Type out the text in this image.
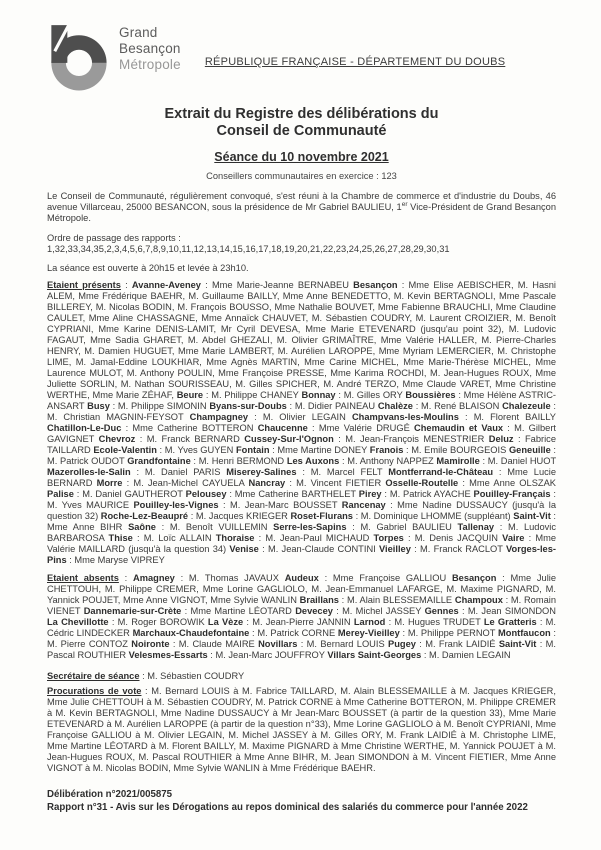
Grand
Besançon
Métropole RÉPUBLIQUE FRANÇAISE - DÉPARTEMENT DU DOUBS
Extrait du Registre des délibérations du
Conseil de Communauté
Séance du 10 novembre 2021
Conseillers communautaires en exercice : 123

Le Conseil de Communauté, régulièrement convoqué, s'est réuni à la Chambre de commerce et d'industrie du Doubs, 46 avenue Villarceau, 25000 BESANCON, sous la présidence de Mr Gabriel BAULIEU, 1er Vice-Président de Grand Besançon Métropole.

Ordre de passage des rapports :
1,32,33,34,35,2,3,4,5,6,7,8,9,10,11,12,13,14,15,16,17,18,19,20,21,22,23,24,25,26,27,28,29,30,31

La séance est ouverte à 20h15 et levée à 23h10.

Etaient présents : Avanne-Aveney : Mme Marie-Jeanne BERNABEU Besançon : Mme Elise AEBISCHER, M. Hasni ALEM, Mme Frédérique BAEHR, M. Guillaume BAILLY, Mme Anne BENEDETTO, M. Kevin BERTAGNOLI, Mme Pascale BILLEREY, M. Nicolas BODIN, M. François BOUSSO, Mme Nathalie BOUVET, Mme Fabienne BRAUCHLI, Mme Claudine CAULET, Mme Aline CHASSAGNE, Mme Annaïck CHAUVET, M. Sébastien COUDRY, M. Laurent CROIZIER, M. Benoît CYPRIANI, Mme Karine DENIS-LAMIT, Mr Cyril DEVESA, Mme Marie ETEVENARD (jusqu'au point 32), M. Ludovic FAGAUT, Mme Sadia GHARET, M. Abdel GHEZALI, M. Olivier GRIMAÎTRE, Mme Valérie HALLER, M. Pierre-Charles HENRY, M. Damien HUGUET, Mme Marie LAMBERT, M. Aurélien LAROPPE, Mme Myriam LEMERCIER, M. Christophe LIME, M. Jamal-Eddine LOUKHIAR, Mme Agnès MARTIN, Mme Carine MICHEL, Mme Marie-Thérèse MICHEL, Mme Laurence MULOT, M. Anthony POULIN, Mme Françoise PRESSE, Mme Karima ROCHDI, M. Jean-Hugues ROUX, Mme Juliette SORLIN, M. Nathan SOURISSEAU, M. Gilles SPICHER, M. André TERZO, Mme Claude VARET, Mme Christine WERTHE, Mme Marie ZÉHAF, Beure : M. Philippe CHANEY Bonnay : M. Gilles ORY Boussières : Mme Hélène ASTRIC-ANSART Busy : M. Philippe SIMONIN Byans-sur-Doubs : M. Didier PAINEAU Chalèze : M. René BLAISON Chalezeule : M. Christian MAGNIN-FEYSOT Champagney : M. Olivier LEGAIN Champvans-les-Moulins : M. Florent BAILLY Chatillon-Le-Duc : Mme Catherine BOTTERON Chaucenne : Mme Valérie DRUGÉ Chemaudin et Vaux : M. Gilbert GAVIGNET Chevroz : M. Franck BERNARD Cussey-Sur-l'Ognon : M. Jean-François MENESTRIER Deluz : Fabrice TAILLARD Ecole-Valentin : M. Yves GUYEN Fontain : Mme Martine DONEY Franois : M. Emile BOURGEOIS Geneuille : M. Patrick OUDOT Grandfontaine : M. Henri BERMOND Les Auxons : M. Anthony NAPPEZ Mamirolle : M. Daniel HUOT Mazerolles-le-Salin : M. Daniel PARIS Miserey-Salines : M. Marcel FELT Montferrand-le-Château : Mme Lucie BERNARD Morre : M. Jean-Michel CAYUELA Nancray : M. Vincent FIETIER Osselle-Routelle : Mme Anne OLSZAK Palise : M. Daniel GAUTHEROT Pelousey : Mme Catherine BARTHELET Pirey : M. Patrick AYACHE Pouilley-Français : M. Yves MAURICE Pouilley-les-Vignes : M. Jean-Marc BOUSSET Rancenay : Mme Nadine DUSSAUCY (jusqu'à la question 32) Roche-Lez-Beaupré : M. Jacques KRIEGER Roset-Flurans : M. Dominique LHOMME (suppléant) Saint-Vit : Mme Anne BIHR Saône : M. Benoît VUILLEMIN Serre-les-Sapins : M. Gabriel BAULIEU Tallenay : M. Ludovic BARBAROSA Thise : M. Loïc ALLAIN Thoraise : M. Jean-Paul MICHAUD Torpes : M. Denis JACQUIN Vaire : Mme Valérie MAILLARD (jusqu'à la question 34) Venise : M. Jean-Claude CONTINI Vieilley : M. Franck RACLOT Vorges-les-Pins : Mme Maryse VIPREY

Etaient absents : Amagney : M. Thomas JAVAUX Audeux : Mme Françoise GALLIOU Besançon : Mme Julie CHETTOUH, M. Philippe CREMER, Mme Lorine GAGLIOLO, M. Jean-Emmanuel LAFARGE, M. Maxime PIGNARD, M. Yannick POUJET, Mme Anne VIGNOT, Mme Sylvie WANLIN Braillans : M. Alain BLESSEMAILLE Champoux : M. Romain VIENET Dannemarie-sur-Crète : Mme Martine LÉOTARD Devecey : M. Michel JASSEY Gennes : M. Jean SIMONDON La Chevillotte : M. Roger BOROWIK La Vèze : M. Jean-Pierre JANNIN Larnod : M. Hugues TRUDET Le Gratteris : M. Cédric LINDECKER Marchaux-Chaudefontaine : M. Patrick CORNE Merey-Vieilley : M. Philippe PERNOT Montfaucon : M. Pierre CONTOZ Noironte : M. Claude MAIRE Novillars : M. Bernard LOUIS Pugey : M. Frank LAIDIÉ Saint-Vit : M. Pascal ROUTHIER Velesmes-Essarts : M. Jean-Marc JOUFFROY Villars Saint-Georges : M. Damien LEGAIN

Secrétaire de séance : M. Sébastien COUDRY

Procurations de vote : M. Bernard LOUIS à M. Fabrice TAILLARD, M. Alain BLESSEMAILLE à M. Jacques KRIEGER, Mme Julie CHETTOUH à M. Sébastien COUDRY, M. Patrick CORNE à Mme Catherine BOTTERON, M. Philippe CREMER à M. Kevin BERTAGNOLI, Mme Nadine DUSSAUCY à Mr Jean-Marc BOUSSET (à partir de la question 33), Mme Marie ETEVENARD à M. Aurélien LAROPPE (à partir de la question n°33), Mme Lorine GAGLIOLO à M. Benoît CYPRIANI, Mme Françoise GALLIOU à M. Olivier LEGAIN, M. Michel JASSEY à M. Gilles ORY, M. Frank LAIDIÉ à M. Christophe LIME, Mme Martine LÉOTARD à M. Florent BAILLY, M. Maxime PIGNARD à Mme Christine WERTHE, M. Yannick POUJET à M. Jean-Hugues ROUX, M. Pascal ROUTHIER à Mme Anne BIHR, M. Jean SIMONDON à M. Vincent FIETIER, Mme Anne VIGNOT à M. Nicolas BODIN, Mme Sylvie WANLIN à Mme Frédérique BAEHR.

Délibération n°2021/005875
Rapport n°31 - Avis sur les Dérogations au repos dominical des salariés du commerce pour l'année 2022
